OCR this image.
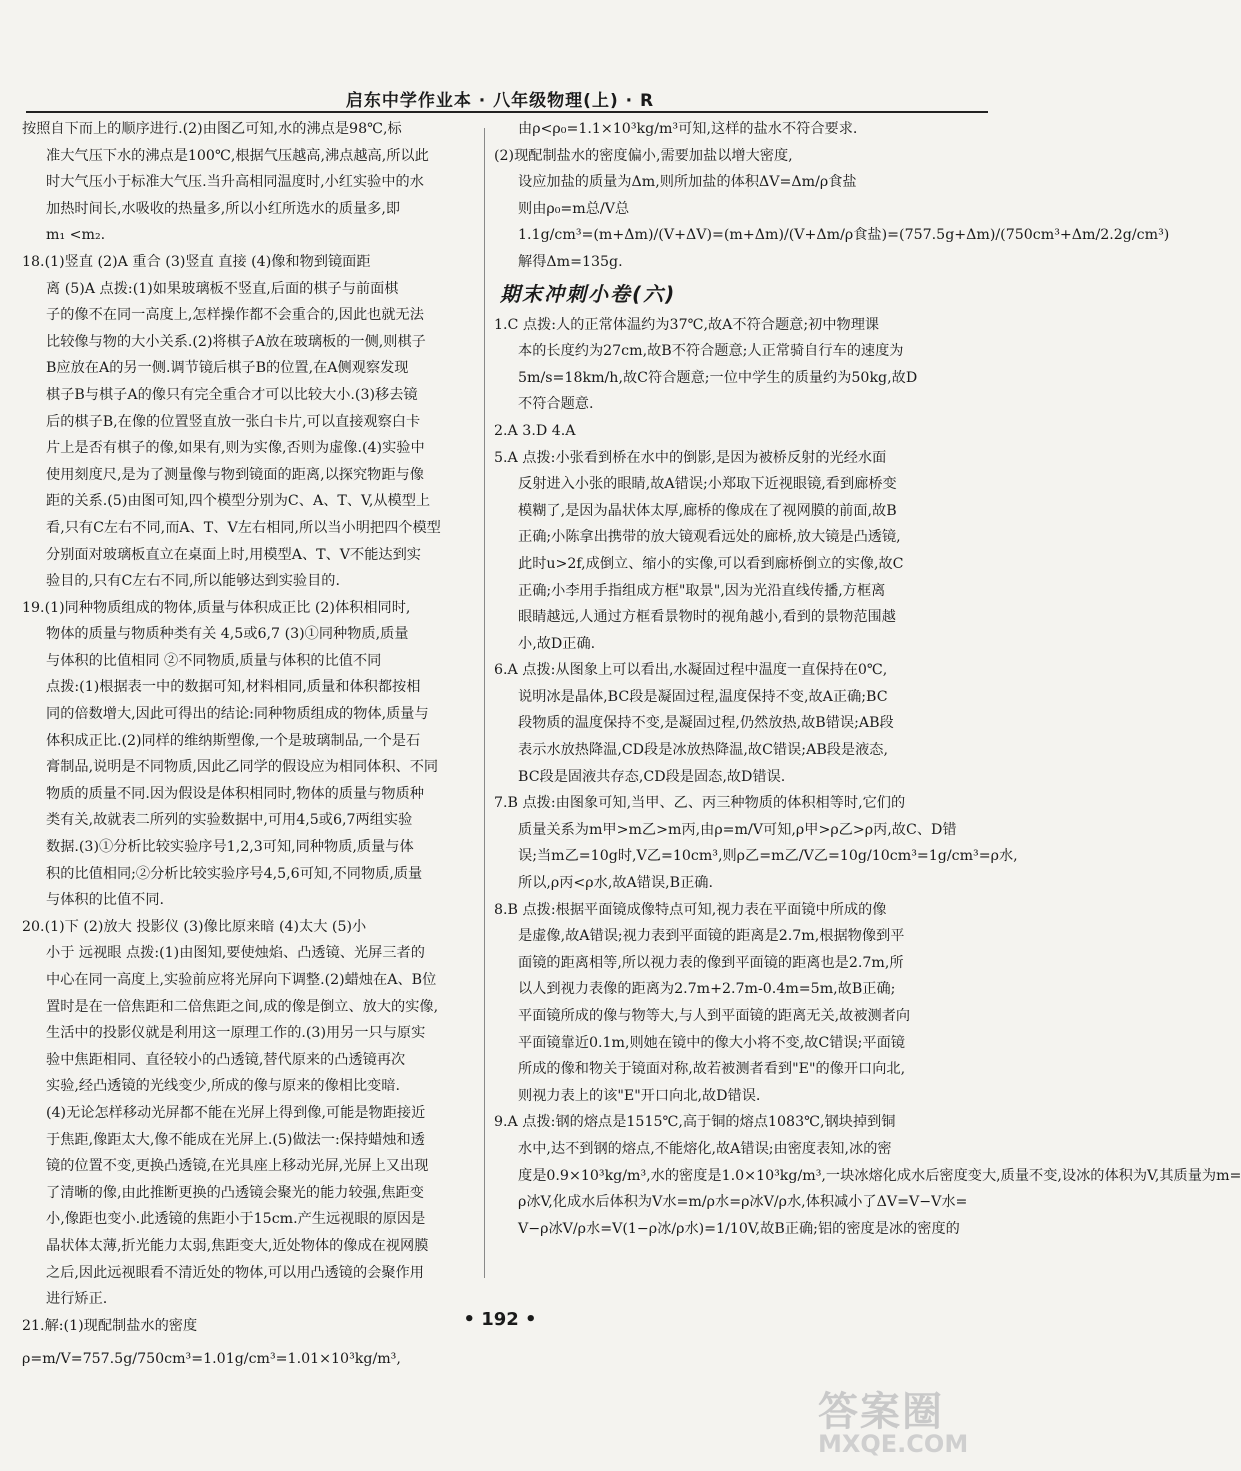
启东中学作业本 · 八年级物理(上) · R
按照自下而上的顺序进行.(2)由图乙可知,水的沸点是98℃,标
准大气压下水的沸点是100℃,根据气压越高,沸点越高,所以此
时大气压小于标准大气压.当升高相同温度时,小红实验中的水
加热时间长,水吸收的热量多,所以小红所选水的质量多,即
m₁ <m₂.
18.(1)竖直 (2)A 重合 (3)竖直 直接 (4)像和物到镜面距
离 (5)A 点拨:(1)如果玻璃板不竖直,后面的棋子与前面棋
子的像不在同一高度上,怎样操作都不会重合的,因此也就无法
比较像与物的大小关系.(2)将棋子A放在玻璃板的一侧,则棋子
B应放在A的另一侧.调节镜后棋子B的位置,在A侧观察发现
棋子B与棋子A的像只有完全重合才可以比较大小.(3)移去镜
后的棋子B,在像的位置竖直放一张白卡片,可以直接观察白卡
片上是否有棋子的像,如果有,则为实像,否则为虚像.(4)实验中
使用刻度尺,是为了测量像与物到镜面的距离,以探究物距与像
距的关系.(5)由图可知,四个模型分别为C、A、T、V,从模型上
看,只有C左右不同,而A、T、V左右相同,所以当小明把四个模型
分别面对玻璃板直立在桌面上时,用模型A、T、V不能达到实
验目的,只有C左右不同,所以能够达到实验目的.
19.(1)同种物质组成的物体,质量与体积成正比 (2)体积相同时,
物体的质量与物质种类有关 4,5或6,7 (3)①同种物质,质量
与体积的比值相同 ②不同物质,质量与体积的比值不同
点拨:(1)根据表一中的数据可知,材料相同,质量和体积都按相
同的倍数增大,因此可得出的结论:同种物质组成的物体,质量与
体积成正比.(2)同样的维纳斯塑像,一个是玻璃制品,一个是石
膏制品,说明是不同物质,因此乙同学的假设应为相同体积、不同
物质的质量不同.因为假设是体积相同时,物体的质量与物质种
类有关,故就表二所列的实验数据中,可用4,5或6,7两组实验
数据.(3)①分析比较实验序号1,2,3可知,同种物质,质量与体
积的比值相同;②分析比较实验序号4,5,6可知,不同物质,质量
与体积的比值不同.
20.(1)下 (2)放大 投影仪 (3)像比原来暗 (4)太大 (5)小
小于 远视眼 点拨:(1)由图知,要使烛焰、凸透镜、光屏三者的
中心在同一高度上,实验前应将光屏向下调整.(2)蜡烛在A、B位
置时是在一倍焦距和二倍焦距之间,成的像是倒立、放大的实像,
生活中的投影仪就是利用这一原理工作的.(3)用另一只与原实
验中焦距相同、直径较小的凸透镜,替代原来的凸透镜再次
实验,经凸透镜的光线变少,所成的像与原来的像相比变暗.
(4)无论怎样移动光屏都不能在光屏上得到像,可能是物距接近
于焦距,像距太大,像不能成在光屏上.(5)做法一:保持蜡烛和透
镜的位置不变,更换凸透镜,在光具座上移动光屏,光屏上又出现
了清晰的像,由此推断更换的凸透镜会聚光的能力较强,焦距变
小,像距也变小.此透镜的焦距小于15cm.产生远视眼的原因是
晶状体太薄,折光能力太弱,焦距变大,近处物体的像成在视网膜
之后,因此远视眼看不清近处的物体,可以用凸透镜的会聚作用
进行矫正.
21.解:(1)现配制盐水的密度
ρ=m/V=757.5g/750cm³=1.01g/cm³=1.01×10³kg/m³,
由ρ<ρ₀=1.1×10³kg/m³可知,这样的盐水不符合要求.
(2)现配制盐水的密度偏小,需要加盐以增大密度,
设应加盐的质量为Δm,则所加盐的体积ΔV=Δm/ρ食盐
则由ρ₀=m总/V总
1.1g/cm³=(m+Δm)/(V+ΔV)=(m+Δm)/(V+Δm/ρ食盐)=(757.5g+Δm)/(750cm³+Δm/2.2g/cm³)
解得Δm=135g.
期末冲刺小卷(六)
1.C 点拨:人的正常体温约为37℃,故A不符合题意;初中物理课
本的长度约为27cm,故B不符合题意;人正常骑自行车的速度为
5m/s=18km/h,故C符合题意;一位中学生的质量约为50kg,故D
不符合题意.
2.A 3.D 4.A
5.A 点拨:小张看到桥在水中的倒影,是因为被桥反射的光经水面
反射进入小张的眼睛,故A错误;小郑取下近视眼镜,看到廊桥变
模糊了,是因为晶状体太厚,廊桥的像成在了视网膜的前面,故B
正确;小陈拿出携带的放大镜观看远处的廊桥,放大镜是凸透镜,
此时u>2f,成倒立、缩小的实像,可以看到廊桥倒立的实像,故C
正确;小李用手指组成方框"取景",因为光沿直线传播,方框离
眼睛越远,人通过方框看景物时的视角越小,看到的景物范围越
小,故D正确.
6.A 点拨:从图象上可以看出,水凝固过程中温度一直保持在0℃,
说明冰是晶体,BC段是凝固过程,温度保持不变,故A正确;BC
段物质的温度保持不变,是凝固过程,仍然放热,故B错误;AB段
表示水放热降温,CD段是冰放热降温,故C错误;AB段是液态,
BC段是固液共存态,CD段是固态,故D错误.
7.B 点拨:由图象可知,当甲、乙、丙三种物质的体积相等时,它们的
质量关系为m甲>m乙>m丙,由ρ=m/V可知,ρ甲>ρ乙>ρ丙,故C、D错
误;当m乙=10g时,V乙=10cm³,则ρ乙=m乙/V乙=10g/10cm³=1g/cm³=ρ水,
所以,ρ丙<ρ水,故A错误,B正确.
8.B 点拨:根据平面镜成像特点可知,视力表在平面镜中所成的像
是虚像,故A错误;视力表到平面镜的距离是2.7m,根据物像到平
面镜的距离相等,所以视力表的像到平面镜的距离也是2.7m,所
以人到视力表像的距离为2.7m+2.7m-0.4m=5m,故B正确;
平面镜所成的像与物等大,与人到平面镜的距离无关,故被测者向
平面镜靠近0.1m,则她在镜中的像大小将不变,故C错误;平面镜
所成的像和物关于镜面对称,故若被测者看到"E"的像开口向北,
则视力表上的该"E"开口向北,故D错误.
9.A 点拨:钢的熔点是1515℃,高于铜的熔点1083℃,钢块掉到铜
水中,达不到钢的熔点,不能熔化,故A错误;由密度表知,冰的密
度是0.9×10³kg/m³,水的密度是1.0×10³kg/m³,一块冰熔化成水后密度变大,质量不变,设冰的体积为V,其质量为m=
ρ冰V,化成水后体积为V水=m/ρ水=ρ冰V/ρ水,体积减小了ΔV=V−V水=
V−ρ冰V/ρ水=V(1−ρ冰/ρ水)=1/10V,故B正确;铝的密度是冰的密度的
• 192 •
答案圈
MXQE.COM
